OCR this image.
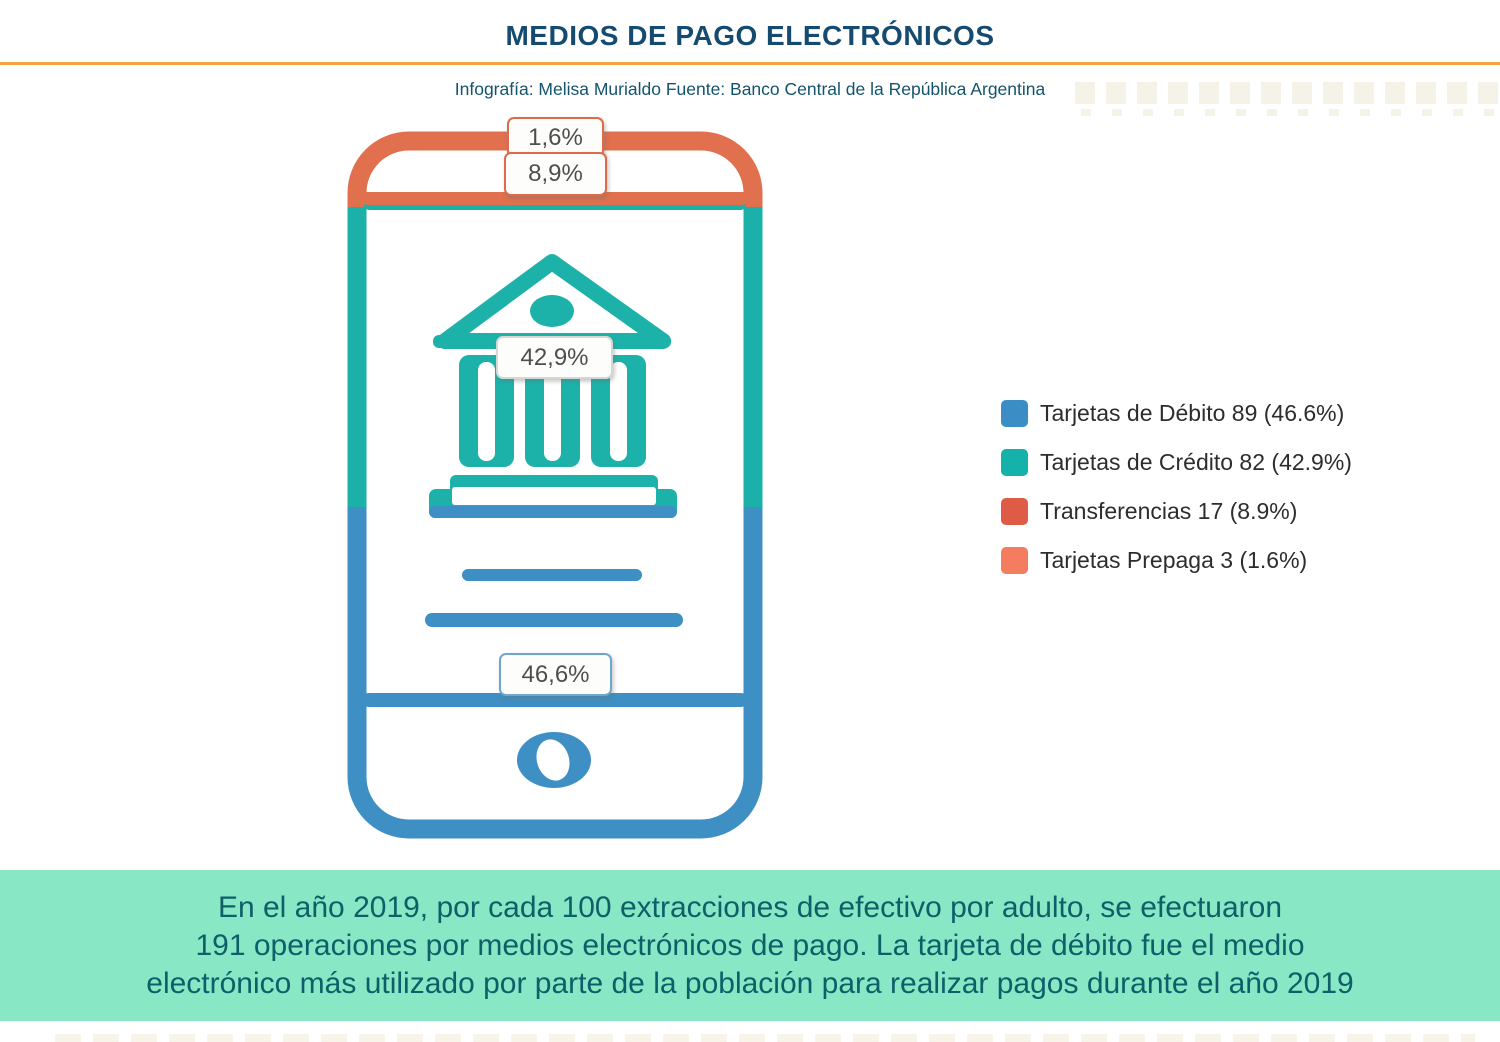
MEDIOS DE PAGO ELECTRÓNICOS
Infografía: Melisa Murialdo Fuente: Banco Central de la República Argentina
1,6%
8,9%
42,9%
46,6%
Tarjetas de Débito 89 (46.6%)
Tarjetas de Crédito 82 (42.9%)
Transferencias 17 (8.9%)
Tarjetas Prepaga 3 (1.6%)
En el año 2019, por cada 100 extracciones de efectivo por adulto, se efectuaron
191 operaciones por medios electrónicos de pago. La tarjeta de débito fue el medio
electrónico más utilizado por parte de la población para realizar pagos durante el año 2019
